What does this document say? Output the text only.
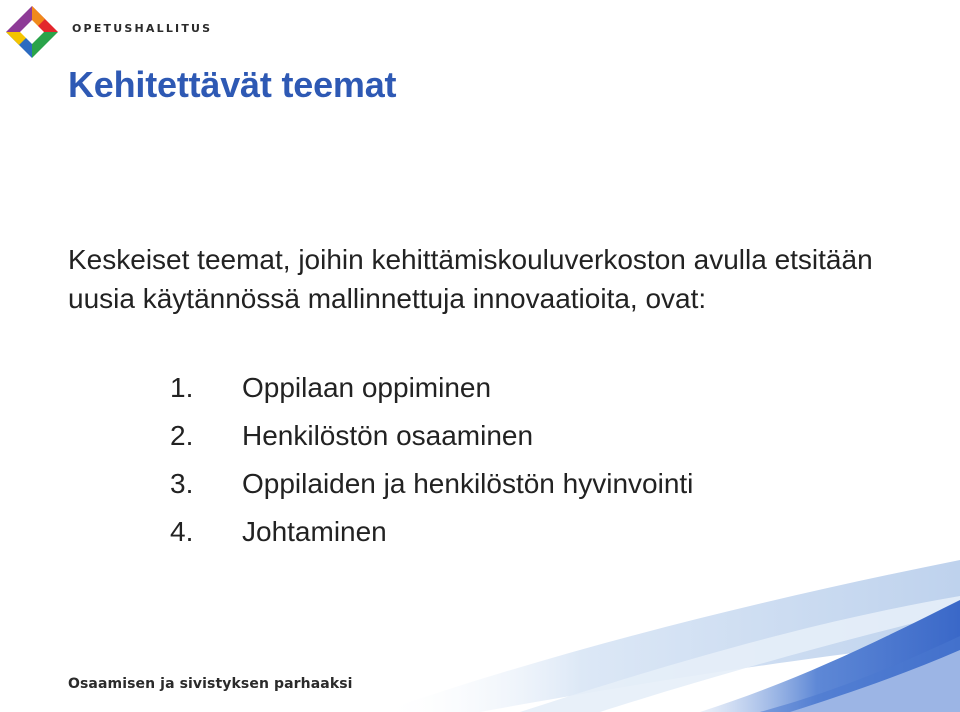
OPETUSHALLITUS
Kehitettävät teemat

Keskeiset teemat, joihin kehittämiskouluverkoston avulla etsitään uusia käytännössä mallinnettuja innovaatioita, ovat:

1.	Oppilaan oppiminen
2.	Henkilöstön osaaminen
3.	Oppilaiden ja henkilöstön hyvinvointi
4.	Johtaminen
Osaamisen ja sivistyksen parhaaksi
